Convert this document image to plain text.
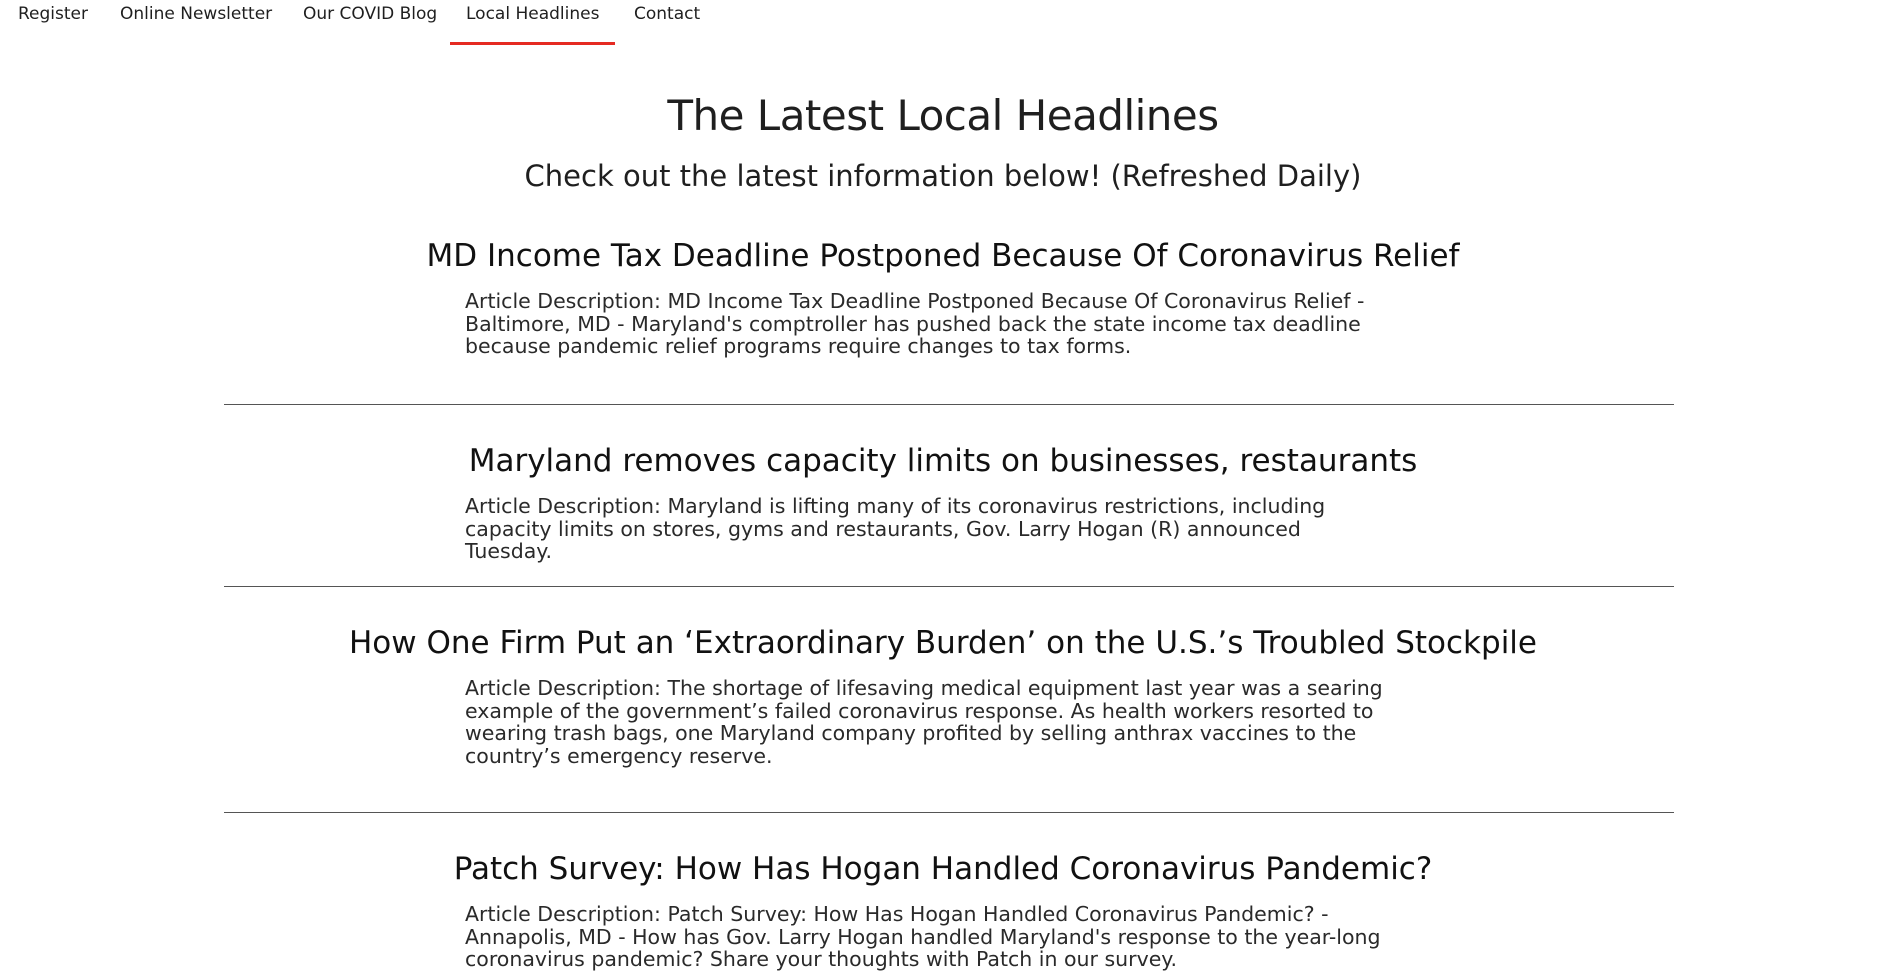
Register Online Newsletter Our COVID Blog Local Headlines Contact
The Latest Local Headlines
Check out the latest information below! (Refreshed Daily)
MD Income Tax Deadline Postponed Because Of Coronavirus Relief

Article Description: MD Income Tax Deadline Postponed Because Of Coronavirus Relief - Baltimore, MD - Maryland's comptroller has pushed back the state income tax deadline because pandemic relief programs require changes to tax forms.

Maryland removes capacity limits on businesses, restaurants

Article Description: Maryland is lifting many of its coronavirus restrictions, including capacity limits on stores, gyms and restaurants, Gov. Larry Hogan (R) announced Tuesday.

How One Firm Put an ‘Extraordinary Burden’ on the U.S.’s Troubled Stockpile

Article Description: The shortage of lifesaving medical equipment last year was a searing example of the government’s failed coronavirus response. As health workers resorted to wearing trash bags, one Maryland company profited by selling anthrax vaccines to the country’s emergency reserve.

Patch Survey: How Has Hogan Handled Coronavirus Pandemic?

Article Description: Patch Survey: How Has Hogan Handled Coronavirus Pandemic? - Annapolis, MD - How has Gov. Larry Hogan handled Maryland's response to the year-long coronavirus pandemic? Share your thoughts with Patch in our survey.
